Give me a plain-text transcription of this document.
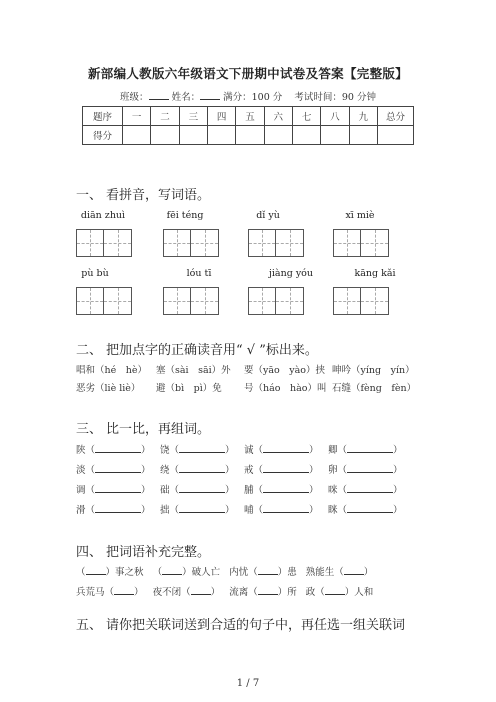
新部编人教版六年级语文下册期中试卷及答案【完整版】
班级： 姓名： 满分：100 分 考试时间：90 分钟
题序	一	二	三	四	五	六	七	八	九	总分
得分										
一、 看拼音，写词语。
diān zhuì	fēi téng	dǐ yù	xī miè
pù bù	lóu tī	jiàng yóu	kāng kǎi
二、 把加点字的正确读音用“ √ ”标出来。
唱和（hé　hè） 塞（sài　sāi）外 要（yāo　yào）挟 呻吟（yíng　yín）
恶劣（liè liè） 避（bì　pì）免 号（háo　hào）叫 石缝（fèng　fèn）
三、 比一比，再组词。
陕（	） 饶（	） 诚（	） 卿（	）
淡（	） 绕（	） 戒（	） 卵（	）
调（	） 础（	） 脯（	） 咪（	）
滑（	） 拙（	） 哺（	） 眯（	）
四、 把词语补充完整。
（ ）事之秋 （ ）破人亡 内忧（ ）患 熟能生（ ）
兵荒马（ ） 夜不闭（ ） 流离（ ）所 政（ ）人和
五、 请你把关联词送到合适的句子中，再任选一组关联词
1 / 7
